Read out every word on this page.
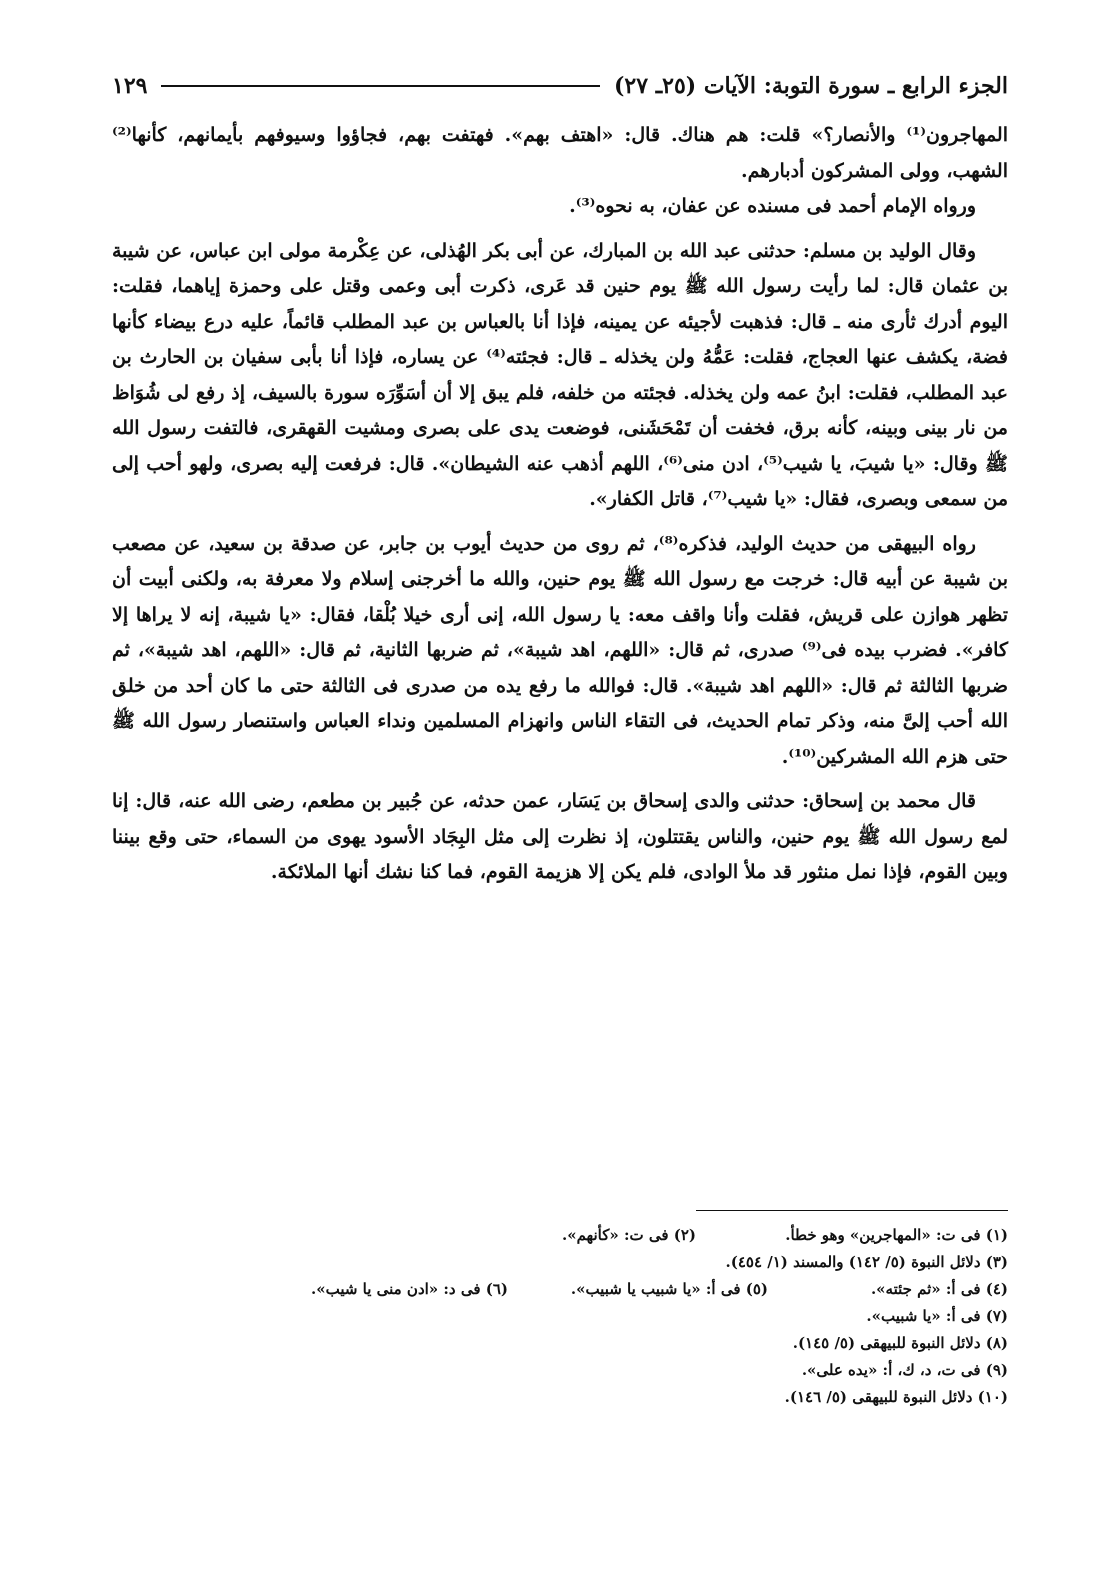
الجزء الرابع ـ سورة التوبة: الآيات (٢٥ـ ٢٧)
١٢٩

المهاجرون⁽¹⁾ والأنصار؟» قلت: هم هناك. قال: «اهتف بهم». فهتفت بهم، فجاؤوا وسيوفهم بأيمانهم، كأنها⁽²⁾ الشهب، وولى المشركون أدبارهم.

ورواه الإمام أحمد فى مسنده عن عفان، به نحوه⁽³⁾.

وقال الوليد بن مسلم: حدثنى عبد الله بن المبارك، عن أبى بكر الهُذلى، عن عِكْرمة مولى ابن عباس، عن شيبة بن عثمان قال: لما رأيت رسول الله ﷺ يوم حنين قد عَرى، ذكرت أبى وعمى وقتل على وحمزة إياهما، فقلت: اليوم أدرك ثأرى منه ـ قال: فذهبت لأجيئه عن يمينه، فإذا أنا بالعباس بن عبد المطلب قائماً، عليه درع بيضاء كأنها فضة، يكشف عنها العجاج، فقلت: عَمُّهُ ولن يخذله ـ قال: فجئته⁽⁴⁾ عن يساره، فإذا أنا بأبى سفيان بن الحارث بن عبد المطلب، فقلت: ابنُ عمه ولن يخذله. فجئته من خلفه، فلم يبق إلا أن أسَوِّرَه سورة بالسيف، إذ رفع لى شُوَاظ من نار بينى وبينه، كأنه برق، فخفت أن تَمْحَشَنى، فوضعت يدى على بصرى ومشيت القهقرى، فالتفت رسول الله ﷺ وقال: «يا شيبَ، يا شيب⁽⁵⁾، ادن منى⁽⁶⁾، اللهم أذهب عنه الشيطان». قال: فرفعت إليه بصرى، ولهو أحب إلى من سمعى وبصرى، فقال: «يا شيب⁽⁷⁾، قاتل الكفار».

رواه البيهقى من حديث الوليد، فذكره⁽⁸⁾، ثم روى من حديث أيوب بن جابر، عن صدقة بن سعيد، عن مصعب بن شيبة عن أبيه قال: خرجت مع رسول الله ﷺ يوم حنين، والله ما أخرجنى إسلام ولا معرفة به، ولكنى أبيت أن تظهر هوازن على قريش، فقلت وأنا واقف معه: يا رسول الله، إنى أرى خيلا بُلْقا، فقال: «يا شيبة، إنه لا يراها إلا كافر». فضرب بيده فى⁽⁹⁾ صدرى، ثم قال: «اللهم، اهد شيبة»، ثم ضربها الثانية، ثم قال: «اللهم، اهد شيبة»، ثم ضربها الثالثة ثم قال: «اللهم اهد شيبة». قال: فوالله ما رفع يده من صدرى فى الثالثة حتى ما كان أحد من خلق الله أحب إلىَّ منه، وذكر تمام الحديث، فى التقاء الناس وانهزام المسلمين ونداء العباس واستنصار رسول الله ﷺ حتى هزم الله المشركين⁽¹⁰⁾.

قال محمد بن إسحاق: حدثنى والدى إسحاق بن يَسَار، عمن حدثه، عن جُبير بن مطعم، رضى الله عنه، قال: إنا لمع رسول الله ﷺ يوم حنين، والناس يقتتلون، إذ نظرت إلى مثل البِجَاد الأسود يهوى من السماء، حتى وقع بيننا وبين القوم، فإذا نمل منثور قد ملأ الوادى، فلم يكن إلا هزيمة القوم، فما كنا نشك أنها الملائكة.

(١) فى ت: «المهاجرين» وهو خطأ.
(٢) فى ت: «كأنهم».
(٣) دلائل النبوة (٥/ ١٤٢) والمسند (١/ ٤٥٤).
(٤) فى أ: «ثم جئته».
(٥) فى أ: «يا شبيب يا شبيب».
(٦) فى د: «ادن منى يا شيب».
(٧) فى أ: «يا شبيب».
(٨) دلائل النبوة للبيهقى (٥/ ١٤٥).
(٩) فى ت، د، ك، أ: «يده على».
(١٠) دلائل النبوة للبيهقى (٥/ ١٤٦).
